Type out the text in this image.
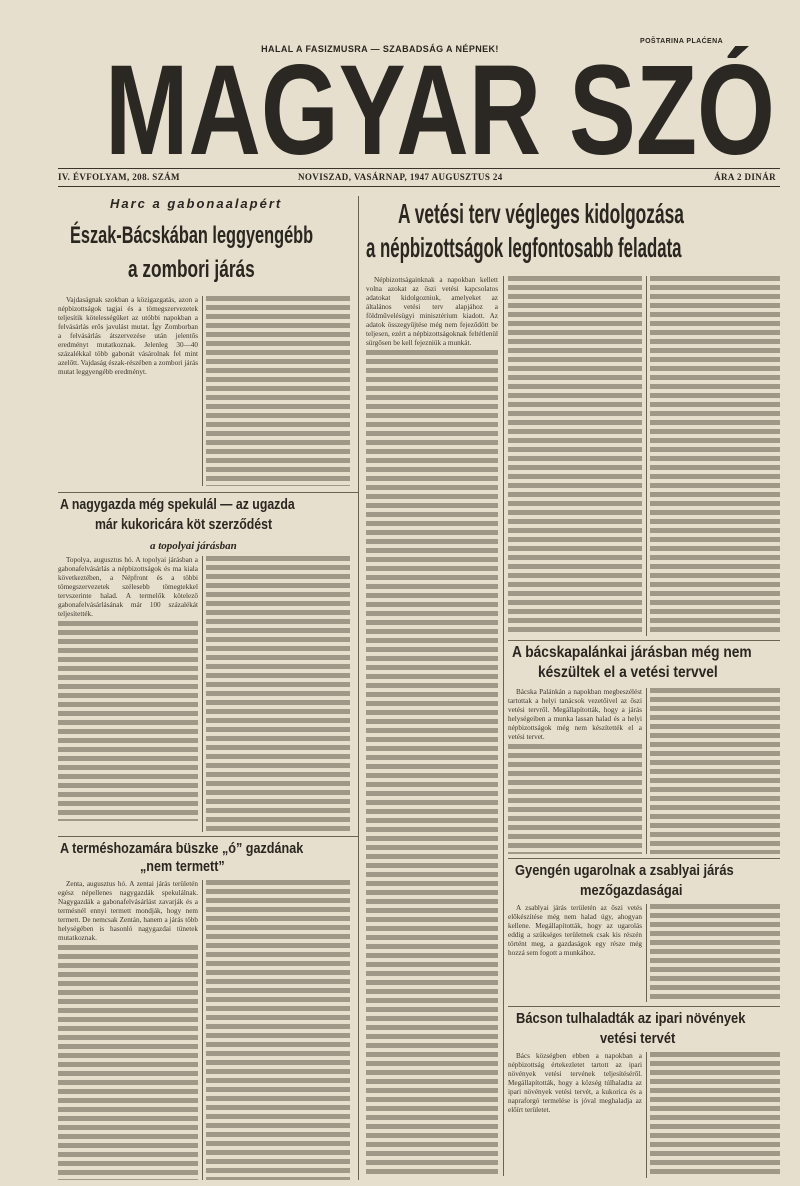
HALAL A FASIZMUSRA — SZABADSÁG A NÉPNEK!
POŠTARINA PLAĆENA
MAGYAR SZÓ
IV. ÉVFOLYAM, 208. SZÁM	NOVISZAD, VASÁRNAP, 1947 AUGUSZTUS 24	ÁRA 2 DINÁR
Harc a gabonaalapért
Észak-Bácskában leggyengébb
a zombori járás

Vajdaságnak szokban a közigazgatás, azon a népbizottságok tagjai és a tömegszervezetek teljesítik kötelességüket az utóbbi napokban a felvásárlás erős javulást mutat. Így Zomborban a felvásárlás átszervezése után jelentős eredményt mutatkoznak. Jelenleg 30—40 százalékkal több gabonát vásárolnak fel mint azelőtt. Vajdaság észak-részében a zombori járás mutat leggyengébb eredményt.

A nagygazda még spekulál — az ugazda
már kukoricára köt szerződést
a topolyai járásban

Topolya, augusztus hó. A topolyai járásban a gabonafelvásárlás a népbizottságok és ma kiala következtében, a Népfront és a többi tömegszervezetek szélesebb tömegtekkel tervszerinte halad. A termelők kötelező gabonafelvásárlásának már 100 százalékát teljesítették.

A terméshozamára büszke „ó” gazdának
„nem termett”

Zenta, augusztus hó. A zentai járás területén egész népellenes nagygazdák spekulálnak. Nagygazdák a gabonafelvásárlást zavarják és a termésnél ennyi termett mondják, hogy nem termett. De nemcsak Zentán, hanem a járás több helységében is hasonló nagygazdai tünetek mutatkoznak.

A vetési terv végleges kidolgozása
a népbizottságok legfontosabb feladata

Népbizottságainknak a napokban kellett volna azokat az őszi vetési kapcsolatos adatokat kidolgozniuk, amelyeket az általános vetési terv alapjához a földművelésügyi minisztérium kiadott. Az adatok összegyűjtése még nem fejeződött be teljesen, ezért a népbizottságoknak feltétlenül sürgősen be kell fejezniük a munkát.

A bácskapalánkai járásban még nem
készültek el a vetési tervvel

Bácska Palánkán a napokban megbeszélést tartottak a helyi tanácsok vezetőivel az őszi vetési tervről. Megállapították, hogy a járás helységeiben a munka lassan halad és a helyi népbizottságok még nem készítették el a vetési tervet.

Gyengén ugarolnak a zsablyai járás
mezőgazdaságai

A zsablyai járás területén az őszi vetés előkészítése még nem halad úgy, ahogyan kellene. Megállapították, hogy az ugarolás eddig a szükséges területnek csak kis részén történt meg, a gazdaságok egy része még hozzá sem fogott a munkához.

Bácson tulhaladták az ipari növények
vetési tervét

Bács községben ebben a napokban a népbizottság értekezletet tartott az ipari növények vetési tervének teljesítéséről. Megállapították, hogy a község túlhaladta az ipari növények vetési tervét, a kukorica és a napraforgó termelése is jóval meghaladja az előírt területet.
